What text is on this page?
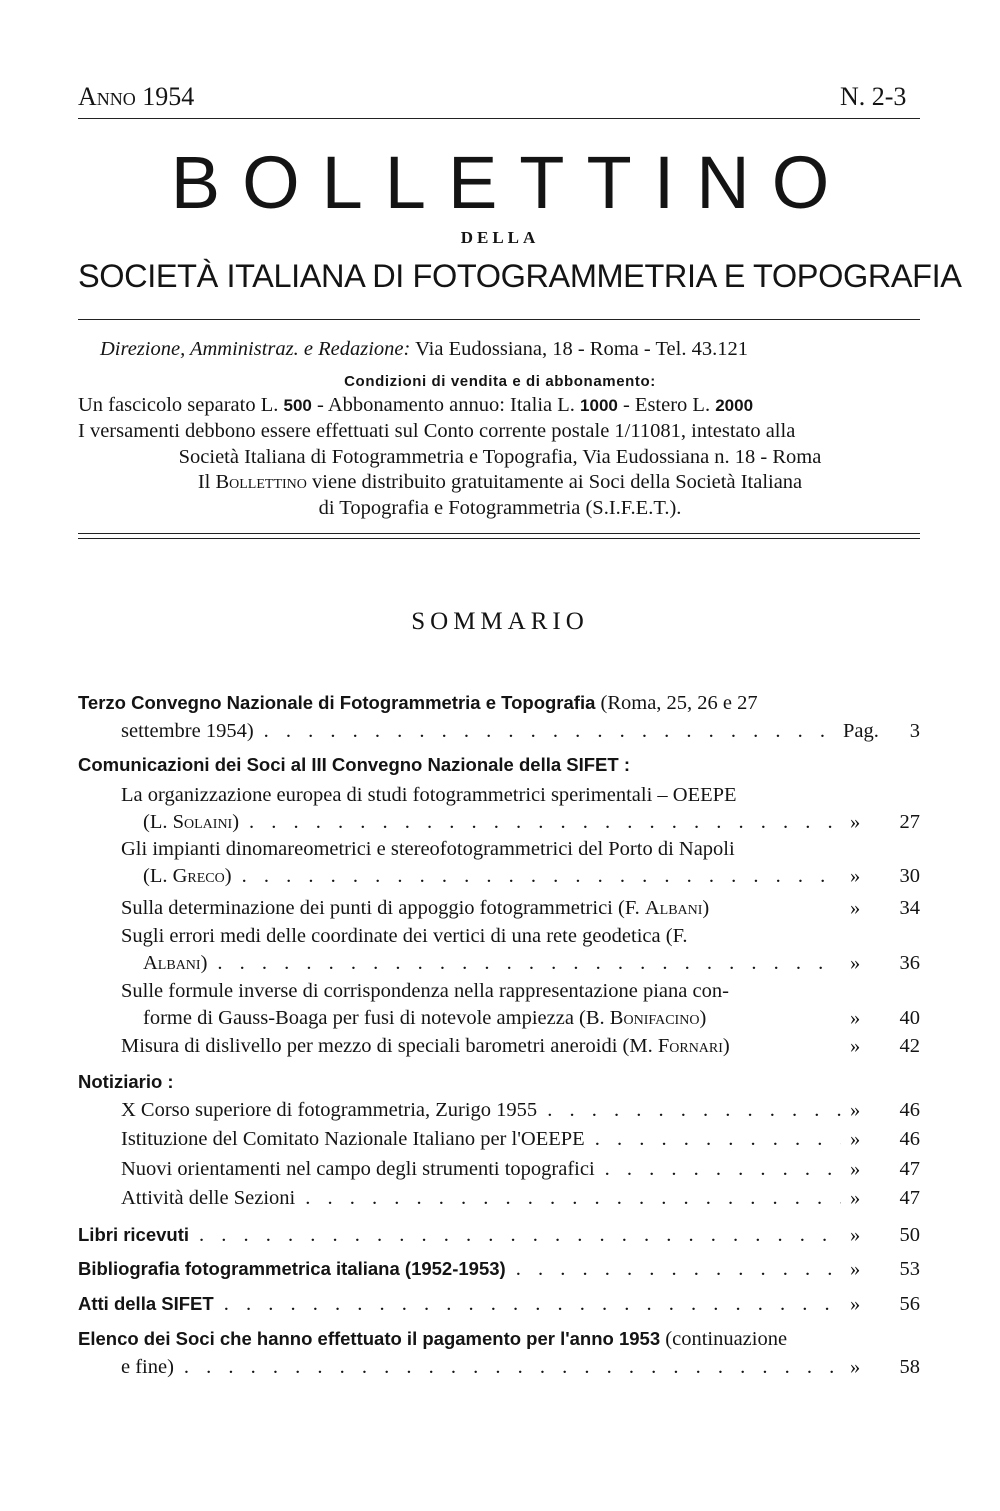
Anno 1954	N. 2-3
BOLLETTINO
DELLA
SOCIETÀ ITALIANA DI FOTOGRAMMETRIA E TOPOGRAFIA
Direzione, Amministraz. e Redazione: Via Eudossiana, 18 - Roma - Tel. 43.121
Condizioni di vendita e di abbonamento:
Un fascicolo separato L. 500 - Abbonamento annuo: Italia L. 1000 - Estero L. 2000
I versamenti debbono essere effettuati sul Conto corrente postale 1/11081, intestato alla
Società Italiana di Fotogrammetria e Topografia, Via Eudossiana n. 18 - Roma
Il Bollettino viene distribuito gratuitamente ai Soci della Società Italiana
di Topografia e Fotogrammetria (S.I.F.E.T.).
SOMMARIO
Terzo Convegno Nazionale di Fotogrammetria e Topografia (Roma, 25, 26 e 27
settembre 1954) . . .	Pag. 3
Comunicazioni dei Soci al III Convegno Nazionale della SIFET :
La organizzazione europea di studi fotogrammetrici sperimentali – OEEPE
(L. Solaini) . . .	» 27
Gli impianti dinomareometrici e stereofotogrammetrici del Porto di Napoli
(L. Greco) . . .	» 30
Sulla determinazione dei punti di appoggio fotogrammetrici (F. Albani)	» 34
Sugli errori medi delle coordinate dei vertici di una rete geodetica (F.
Albani) . . .	» 36
Sulle formule inverse di corrispondenza nella rappresentazione piana con-
forme di Gauss-Boaga per fusi di notevole ampiezza (B. Bonifacino)	» 40
Misura di dislivello per mezzo di speciali barometri aneroidi (M. Fornari)	» 42
Notiziario :
X Corso superiore di fotogrammetria, Zurigo 1955 . . .	» 46
Istituzione del Comitato Nazionale Italiano per l'OEEPE . . .	» 46
Nuovi orientamenti nel campo degli strumenti topografici . . .	» 47
Attività delle Sezioni . . .	» 47
Libri ricevuti . . .	» 50
Bibliografia fotogrammetrica italiana (1952-1953) . . .	» 53
Atti della SIFET . . .	» 56
Elenco dei Soci che hanno effettuato il pagamento per l'anno 1953 (continuazione
e fine) . . .	» 58
